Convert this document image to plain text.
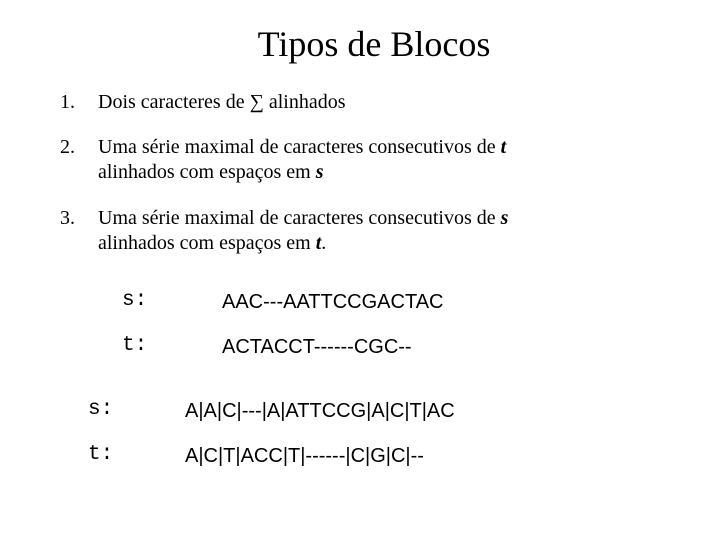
Tipos de Blocos
1. Dois caracteres de ∑ alinhados
2. Uma série maximal de caracteres consecutivos de t
alinhados com espaços em s
3. Uma série maximal de caracteres consecutivos de s
alinhados com espaços em t.
s:	AAC---AATTCCGACTAC
t:	ACTACCT------CGC--
s:	A|A|C|---|A|ATTCCG|A|C|T|AC
t:	A|C|T|ACC|T|------|C|G|C|--
